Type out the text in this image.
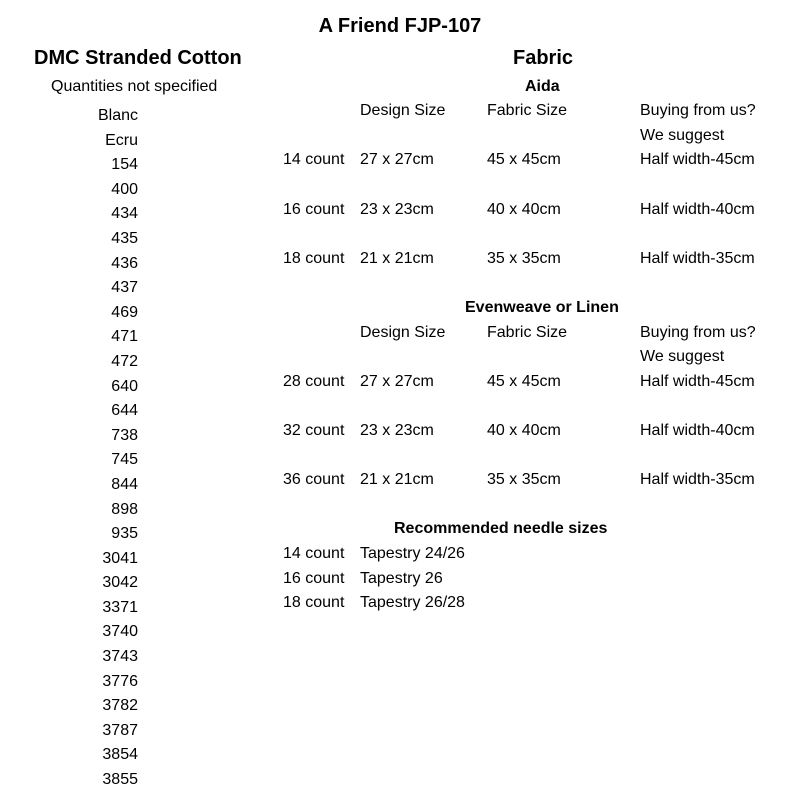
A Friend FJP-107
DMC Stranded Cotton
Quantities not specified
Blanc
Ecru
154
400
434
435
436
437
469
471
472
640
644
738
745
844
898
935
3041
3042
3371
3740
3743
3776
3782
3787
3854
3855
Fabric
Aida
Design Size	Fabric Size	Buying from us?
We suggest
14 count 27 x 27cm	45 x 45cm	Half width-45cm
16 count 23 x 23cm	40 x 40cm	Half width-40cm
18 count 21 x 21cm	35 x 35cm	Half width-35cm
Evenweave or Linen
Design Size	Fabric Size	Buying from us?
We suggest
28 count 27 x 27cm	45 x 45cm	Half width-45cm
32 count 23 x 23cm	40 x 40cm	Half width-40cm
36 count 21 x 21cm	35 x 35cm	Half width-35cm
Recommended needle sizes
14 count Tapestry 24/26
16 count Tapestry 26
18 count Tapestry 26/28
